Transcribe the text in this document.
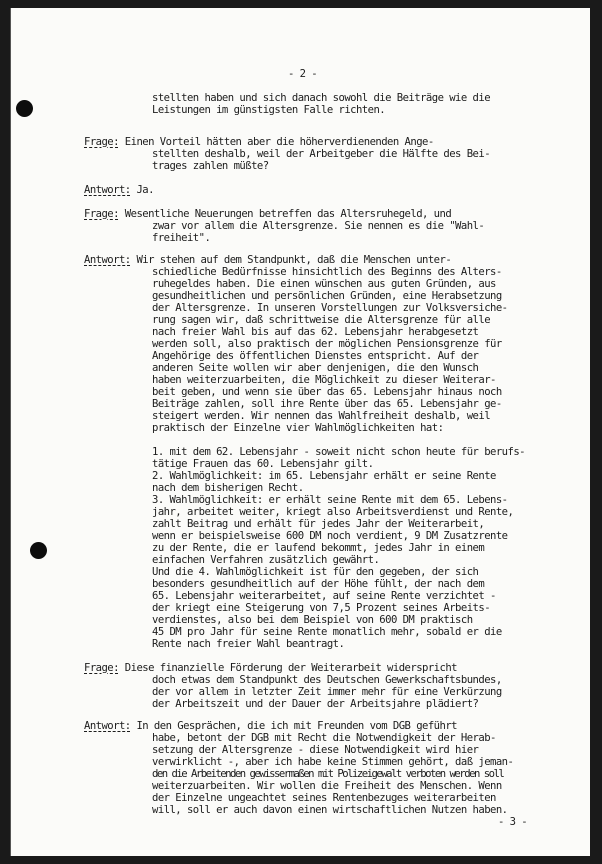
- 2 -
stellten haben und sich danach sowohl die Beiträge wie die
Leistungen im günstigsten Falle richten.
Frage: Einen Vorteil hätten aber die höherverdienenden Ange-
stellten deshalb, weil der Arbeitgeber die Hälfte des Bei-
trages zahlen müßte?
Antwort: Ja.
Frage: Wesentliche Neuerungen betreffen das Altersruhegeld, und
zwar vor allem die Altersgrenze. Sie nennen es die "Wahl-
freiheit".
Antwort: Wir stehen auf dem Standpunkt, daß die Menschen unter-
schiedliche Bedürfnisse hinsichtlich des Beginns des Alters-
ruhegeldes haben. Die einen wünschen aus guten Gründen, aus
gesundheitlichen und persönlichen Gründen, eine Herabsetzung
der Altersgrenze. In unseren Vorstellungen zur Volksversiche-
rung sagen wir, daß schrittweise die Altersgrenze für alle
nach freier Wahl bis auf das 62. Lebensjahr herabgesetzt
werden soll, also praktisch der möglichen Pensionsgrenze für
Angehörige des öffentlichen Dienstes entspricht. Auf der
anderen Seite wollen wir aber denjenigen, die den Wunsch
haben weiterzuarbeiten, die Möglichkeit zu dieser Weiterar-
beit geben, und wenn sie über das 65. Lebensjahr hinaus noch
Beiträge zahlen, soll ihre Rente über das 65. Lebensjahr ge-
steigert werden. Wir nennen das Wahlfreiheit deshalb, weil
praktisch der Einzelne vier Wahlmöglichkeiten hat:
1. mit dem 62. Lebensjahr - soweit nicht schon heute für berufs-
tätige Frauen das 60. Lebensjahr gilt.
2. Wahlmöglichkeit: im 65. Lebensjahr erhält er seine Rente
nach dem bisherigen Recht.
3. Wahlmöglichkeit: er erhält seine Rente mit dem 65. Lebens-
jahr, arbeitet weiter, kriegt also Arbeitsverdienst und Rente,
zahlt Beitrag und erhält für jedes Jahr der Weiterarbeit,
wenn er beispielsweise 600 DM noch verdient, 9 DM Zusatzrente
zu der Rente, die er laufend bekommt, jedes Jahr in einem
einfachen Verfahren zusätzlich gewährt.
Und die 4. Wahlmöglichkeit ist für den gegeben, der sich
besonders gesundheitlich auf der Höhe fühlt, der nach dem
65. Lebensjahr weiterarbeitet, auf seine Rente verzichtet -
der kriegt eine Steigerung von 7,5 Prozent seines Arbeits-
verdienstes, also bei dem Beispiel von 600 DM praktisch
45 DM pro Jahr für seine Rente monatlich mehr, sobald er die
Rente nach freier Wahl beantragt.
Frage: Diese finanzielle Förderung der Weiterarbeit widerspricht
doch etwas dem Standpunkt des Deutschen Gewerkschaftsbundes,
der vor allem in letzter Zeit immer mehr für eine Verkürzung
der Arbeitszeit und der Dauer der Arbeitsjahre plädiert?
Antwort: In den Gesprächen, die ich mit Freunden vom DGB geführt
habe, betont der DGB mit Recht die Notwendigkeit der Herab-
setzung der Altersgrenze - diese Notwendigkeit wird hier
verwirklicht -, aber ich habe keine Stimmen gehört, daß jeman-
den die Arbeitenden gewissermaßen mit Polizeigewalt verboten werden soll
weiterzuarbeiten. Wir wollen die Freiheit des Menschen. Wenn
der Einzelne ungeachtet seines Rentenbezuges weiterarbeiten
will, soll er auch davon einen wirtschaftlichen Nutzen haben.
- 3 -
